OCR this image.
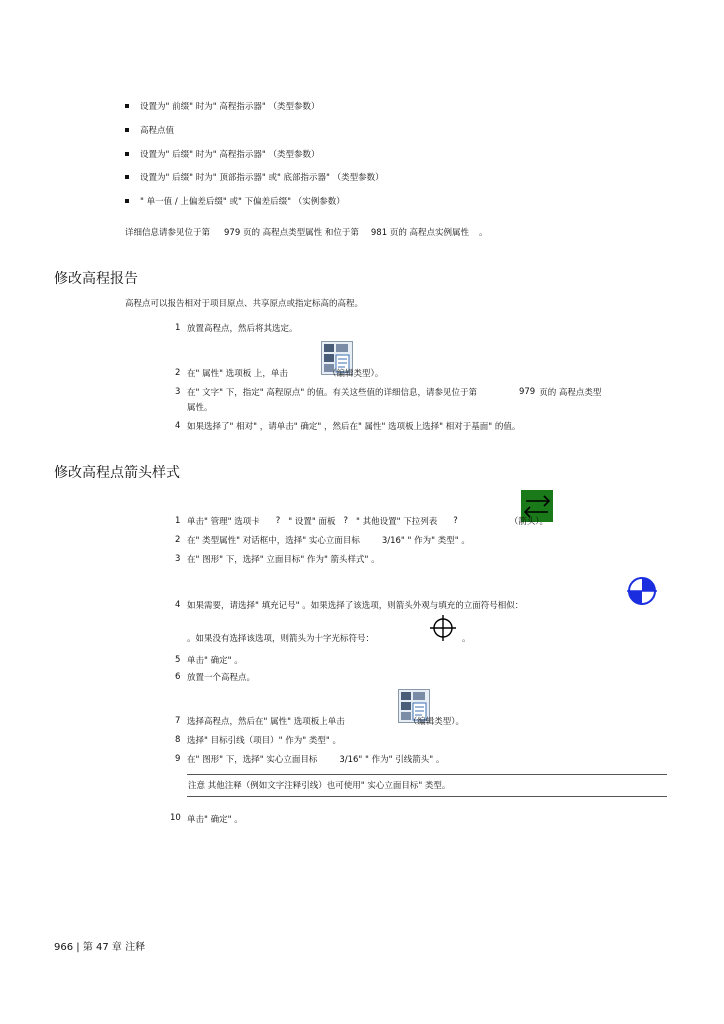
设置为" 前缀" 时为" 高程指示器" （类型参数）
高程点值
设置为" 后缀" 时为" 高程指示器" （类型参数）
设置为" 后缀" 时为" 顶部指示器" 或" 底部指示器" （类型参数）
" 单一值 / 上偏差后缀" 或" 下偏差后缀" （实例参数）
详细信息请参见位于第 979 页的 高程点类型属性 和位于第 981 页的 高程点实例属性 。
修改高程报告
高程点可以报告相对于项目原点、共享原点或指定标高的高程。
1 放置高程点，然后将其选定。
2 在" 属性" 选项板 上，单击	（编辑类型）。
3 在" 文字" 下，指定" 高程原点" 的值。有关这些值的详细信息，请参见位于第	979 页的 高程点类型
属性。
4 如果选择了" 相对" ，请单击" 确定" ，然后在" 属性" 选项板上选择" 相对于基面" 的值。
修改高程点箭头样式
1 单击" 管理" 选项卡 ? " 设置" 面板 ? " 其他设置" 下拉列表 ?	（箭头）。
2 在" 类型属性" 对话框中，选择" 实心立面目标	3/16" " 作为" 类型" 。
3 在" 图形" 下，选择" 立面目标" 作为" 箭头样式" 。
4 如果需要，请选择" 填充记号" 。如果选择了该选项，则箭头外观与填充的立面符号相似：
。如果没有选择该选项，则箭头为十字光标符号：	。
5 单击" 确定" 。
6 放置一个高程点。
7 选择高程点，然后在" 属性" 选项板上单击	（编辑类型）。
8 选择" 目标引线（项目）" 作为" 类型" 。
9 在" 图形" 下，选择" 实心立面目标	3/16" " 作为" 引线箭头" 。
注意 其他注释（例如文字注释引线）也可使用" 实心立面目标" 类型。
10 单击" 确定" 。
966 | 第 47 章 注释
